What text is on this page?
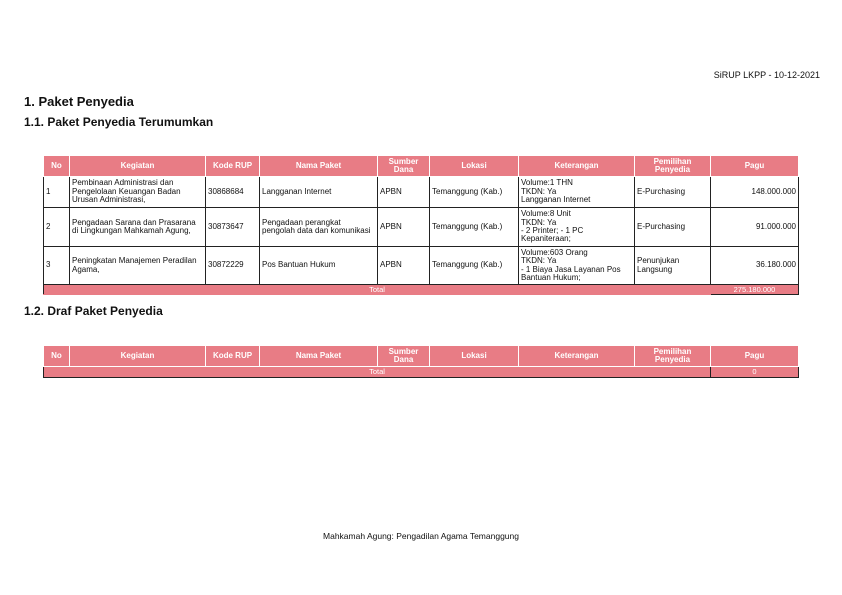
SiRUP LKPP - 10-12-2021
1. Paket Penyedia
1.1. Paket Penyedia Terumumkan
No	Kegiatan	Kode RUP	Nama Paket	Sumber Dana	Lokasi	Keterangan	Pemilihan Penyedia	Pagu
1	Pembinaan Administrasi dan Pengelolaan Keuangan Badan Urusan Administrasi,	30868684	Langganan Internet	APBN	Temanggung (Kab.)	Volume:1 THN
TKDN: Ya
Langganan Internet	E-Purchasing	148.000.000
2	Pengadaan Sarana dan Prasarana di Lingkungan Mahkamah Agung,	30873647	Pengadaan perangkat pengolah data dan komunikasi	APBN	Temanggung (Kab.)	Volume:8 Unit
TKDN: Ya
- 2 Printer; - 1 PC
Kepaniteraan;	E-Purchasing	91.000.000
3	Peningkatan Manajemen Peradilan Agama,	30872229	Pos Bantuan Hukum	APBN	Temanggung (Kab.)	Volume:603 Orang
TKDN: Ya
- 1 Biaya Jasa Layanan Pos
Bantuan Hukum;	Penunjukan Langsung	36.180.000
Total								275.180.000
1.2. Draf Paket Penyedia
No	Kegiatan	Kode RUP	Nama Paket	Sumber Dana	Lokasi	Keterangan	Pemilihan Penyedia	Pagu
Total								0
Mahkamah Agung: Pengadilan Agama Temanggung
